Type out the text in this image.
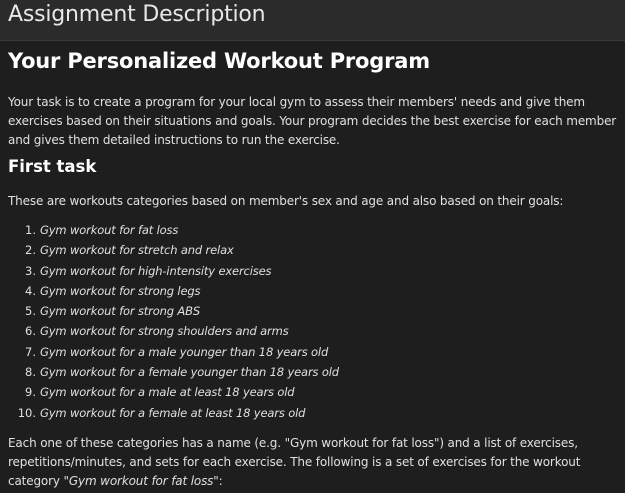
Assignment Description
Your Personalized Workout Program
Your task is to create a program for your local gym to assess their members' needs and give them exercises based on their situations and goals. Your program decides the best exercise for each member and gives them detailed instructions to run the exercise.
First task
These are workouts categories based on member's sex and age and also based on their goals:
1. Gym workout for fat loss
2. Gym workout for stretch and relax
3. Gym workout for high-intensity exercises
4. Gym workout for strong legs
5. Gym workout for strong ABS
6. Gym workout for strong shoulders and arms
7. Gym workout for a male younger than 18 years old
8. Gym workout for a female younger than 18 years old
9. Gym workout for a male at least 18 years old
10. Gym workout for a female at least 18 years old
Each one of these categories has a name (e.g. "Gym workout for fat loss") and a list of exercises, repetitions/minutes, and sets for each exercise. The following is a set of exercises for the workout category "Gym workout for fat loss":
